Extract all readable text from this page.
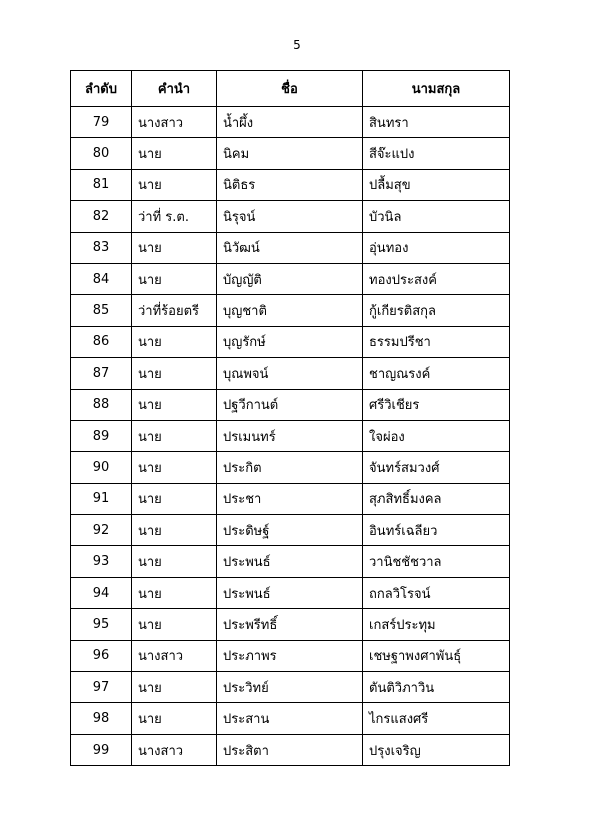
5
ลำดับ	คำนำ	ชื่อ	นามสกุล
79	นางสาว	น้ำผึ้ง	สินทรา
80	นาย	นิคม	สีจ๊ะแปง
81	นาย	นิติธร	ปลื้มสุข
82	ว่าที่ ร.ต.	นิรุจน์	บัวนิล
83	นาย	นิวัฒน์	อุ่นทอง
84	นาย	บัญญัติ	ทองประสงค์
85	ว่าที่ร้อยตรี	บุญชาติ	กู้เกียรติสกุล
86	นาย	บุญรักษ์	ธรรมปรีชา
87	นาย	บุณพจน์	ชาญณรงค์
88	นาย	ปฐวีกานต์	ศรีวิเชียร
89	นาย	ปรเมนทร์	ใจผ่อง
90	นาย	ประกิต	จันทร์สมวงศ์
91	นาย	ประชา	สุภสิทธิ์มงคล
92	นาย	ประดิษฐ์	อินทร์เฉลียว
93	นาย	ประพนธ์	วานิชชัชวาล
94	นาย	ประพนธ์	ถกลวิโรจน์
95	นาย	ประพรีทธิ์	เกสร์ประทุม
96	นางสาว	ประภาพร	เชษฐาพงศาพันธุ์
97	นาย	ประวิทย์	ตันติวิภาวิน
98	นาย	ประสาน	ไกรแสงศรี
99	นางสาว	ประสิตา	ปรุงเจริญ
